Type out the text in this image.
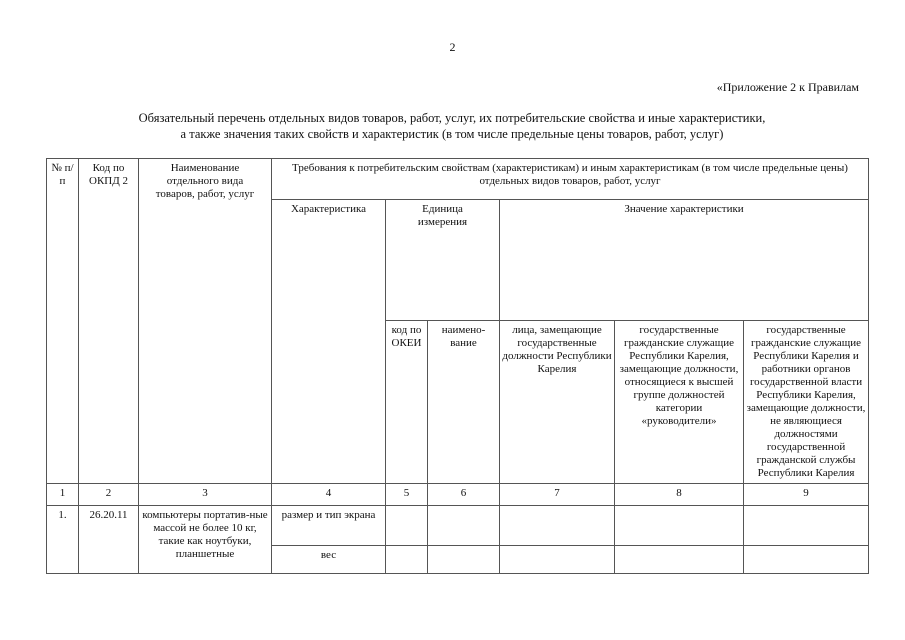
2
«Приложение 2 к Правилам
Обязательный перечень отдельных видов товаров, работ, услуг, их потребительские свойства и иные характеристики,
а также значения таких свойств и характеристик (в том числе предельные цены товаров, работ, услуг)
№ п/п	Код по ОКПД 2	Наименование отдельного вида товаров, работ, услуг	Требования к потребительским свойствам (характеристикам) и иным характеристикам (в том числе предельные цены) отдельных видов товаров, работ, услуг					
			Характеристика	Единица измерения		Значение характеристики		
				код по ОКЕИ	наимено-вание	лица, замещающие государственные должности Республики Карелия	государственные гражданские служащие Республики Карелия, замещающие должности, относящиеся к высшей группе должностей категории «руководители»	государственные гражданские служащие Республики Карелия и работники органов государственной власти Республики Карелия, замещающие должности, не являющиеся должностями государственной гражданской службы Республики Карелия
1	2	3	4	5	6	7	8	9
1.	26.20.11	компьютеры портатив-ные массой не более 10 кг, такие как ноутбуки, планшетные	размер и тип экрана					
			вес					
